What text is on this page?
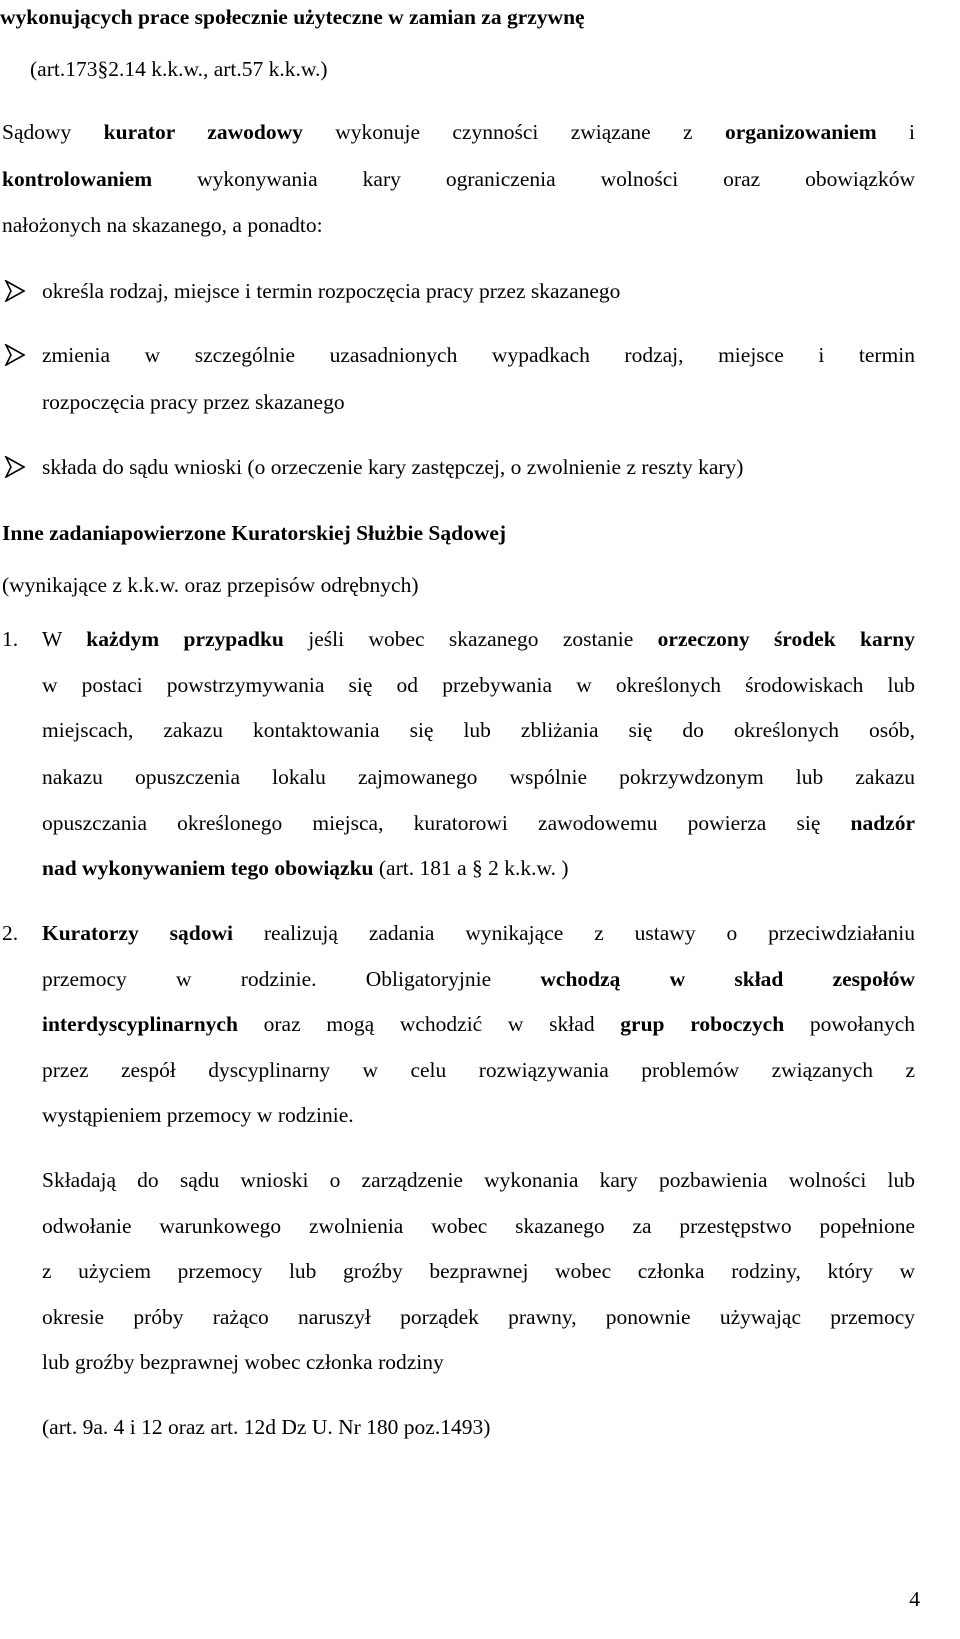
wykonujących prace społecznie użyteczne w zamian za grzywnę
(art.173§2.14 k.k.w., art.57 k.k.w.)
Sądowy kurator zawodowy wykonuje czynności związane z organizowaniem i
kontrolowaniem wykonywania kary ograniczenia wolności oraz obowiązków
nałożonych na skazanego, a ponadto:
określa rodzaj, miejsce i termin rozpoczęcia pracy przez skazanego
zmienia w szczególnie uzasadnionych wypadkach rodzaj, miejsce i termin
rozpoczęcia pracy przez skazanego
składa do sądu wnioski (o orzeczenie kary zastępczej, o zwolnienie z reszty kary)
Inne zadaniapowierzone Kuratorskiej Służbie Sądowej
(wynikające z k.k.w. oraz przepisów odrębnych)
1. W każdym przypadku jeśli wobec skazanego zostanie orzeczony środek karny
w postaci powstrzymywania się od przebywania w określonych środowiskach lub
miejscach, zakazu kontaktowania się lub zbliżania się do określonych osób,
nakazu opuszczenia lokalu zajmowanego wspólnie pokrzywdzonym lub zakazu
opuszczania określonego miejsca, kuratorowi zawodowemu powierza się nadzór
nad wykonywaniem tego obowiązku (art. 181 a § 2 k.k.w. )
2. Kuratorzy sądowi realizują zadania wynikające z ustawy o przeciwdziałaniu
przemocy w rodzinie. Obligatoryjnie wchodzą w skład zespołów
interdyscyplinarnych oraz mogą wchodzić w skład grup roboczych powołanych
przez zespół dyscyplinarny w celu rozwiązywania problemów związanych z
wystąpieniem przemocy w rodzinie.
Składają do sądu wnioski o zarządzenie wykonania kary pozbawienia wolności lub
odwołanie warunkowego zwolnienia wobec skazanego za przestępstwo popełnione
z użyciem przemocy lub groźby bezprawnej wobec członka rodziny, który w
okresie próby rażąco naruszył porządek prawny, ponownie używając przemocy
lub groźby bezprawnej wobec członka rodziny
(art. 9a. 4 i 12 oraz art. 12d Dz U. Nr 180 poz.1493)
4
